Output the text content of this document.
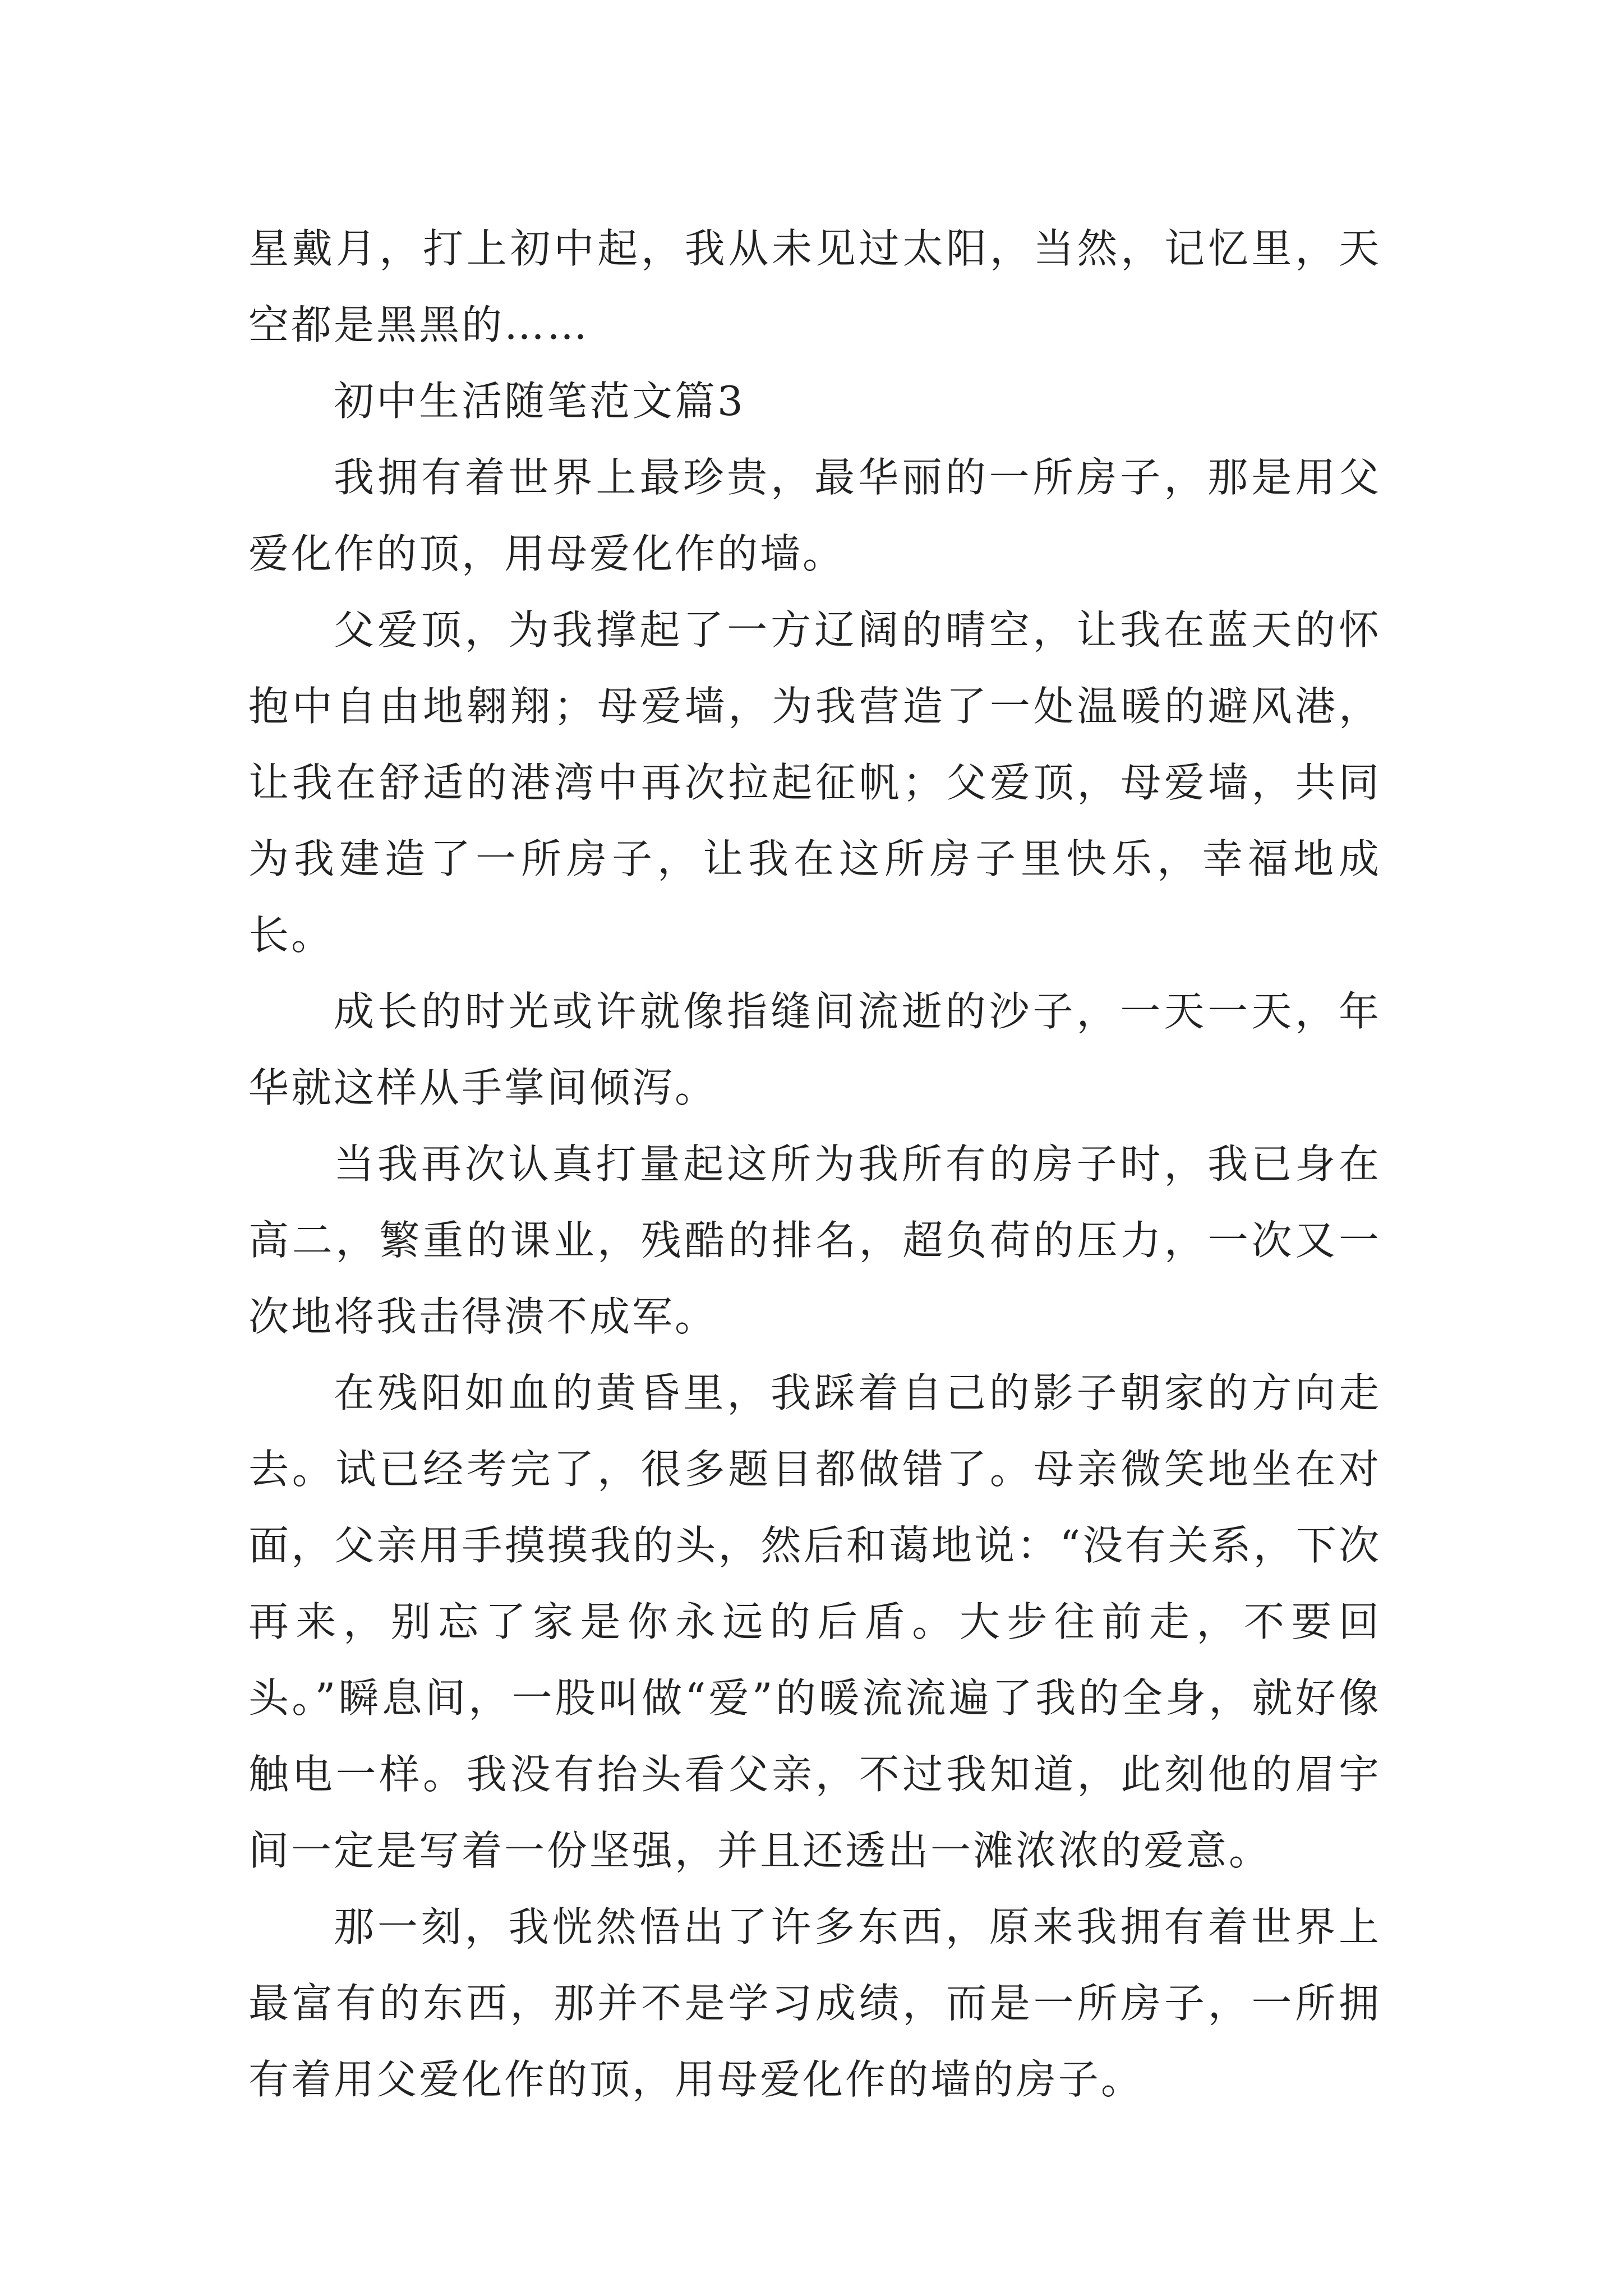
星戴月，打上初中起，我从未见过太阳，当然，记忆里，天空都是黑黑的……

初中生活随笔范文篇3

我拥有着世界上最珍贵，最华丽的一所房子，那是用父爱化作的顶，用母爱化作的墙。

父爱顶，为我撑起了一方辽阔的晴空，让我在蓝天的怀抱中自由地翱翔；母爱墙，为我营造了一处温暖的避风港，让我在舒适的港湾中再次拉起征帆；父爱顶，母爱墙，共同为我建造了一所房子，让我在这所房子里快乐，幸福地成长。

成长的时光或许就像指缝间流逝的沙子，一天一天，年华就这样从手掌间倾泻。

当我再次认真打量起这所为我所有的房子时，我已身在高二，繁重的课业，残酷的排名，超负荷的压力，一次又一次地将我击得溃不成军。

在残阳如血的黄昏里，我踩着自己的影子朝家的方向走去。试已经考完了，很多题目都做错了。母亲微笑地坐在对面，父亲用手摸摸我的头，然后和蔼地说：“没有关系，下次再来，别忘了家是你永远的后盾。大步往前走，不要回头。”瞬息间，一股叫做“爱”的暖流流遍了我的全身，就好像触电一样。我没有抬头看父亲，不过我知道，此刻他的眉宇间一定是写着一份坚强，并且还透出一滩浓浓的爱意。

那一刻，我恍然悟出了许多东西，原来我拥有着世界上最富有的东西，那并不是学习成绩，而是一所房子，一所拥有着用父爱化作的顶，用母爱化作的墙的房子。
